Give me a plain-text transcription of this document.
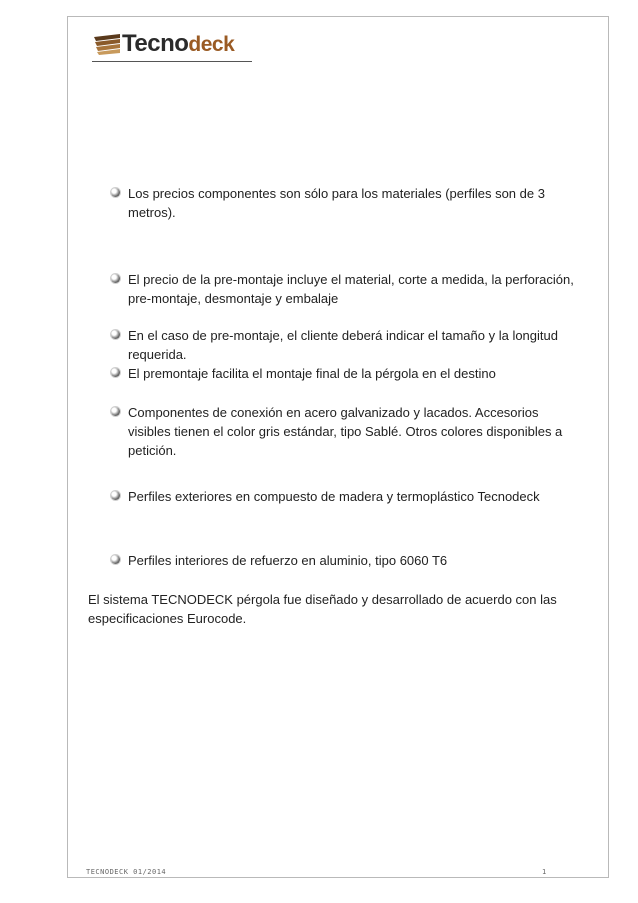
Tecnodeck
Los precios componentes son sólo para los materiales (perfiles son de 3 metros).
El precio de la pre-montaje incluye el material, corte a medida, la perforación, pre-montaje, desmontaje y embalaje
En el caso de pre-montaje, el cliente deberá indicar el tamaño y la longitud requerida.
El premontaje facilita el montaje final de la pérgola en el destino
Componentes de conexión en acero galvanizado y lacados. Accesorios visibles tienen el color gris estándar, tipo Sablé. Otros colores disponibles a petición.
Perfiles exteriores en compuesto de madera y termoplástico Tecnodeck
Perfiles interiores de refuerzo en aluminio, tipo 6060 T6
El sistema TECNODECK pérgola fue diseñado y desarrollado de acuerdo con las especificaciones Eurocode.
TECNODECK 01/2014	1
